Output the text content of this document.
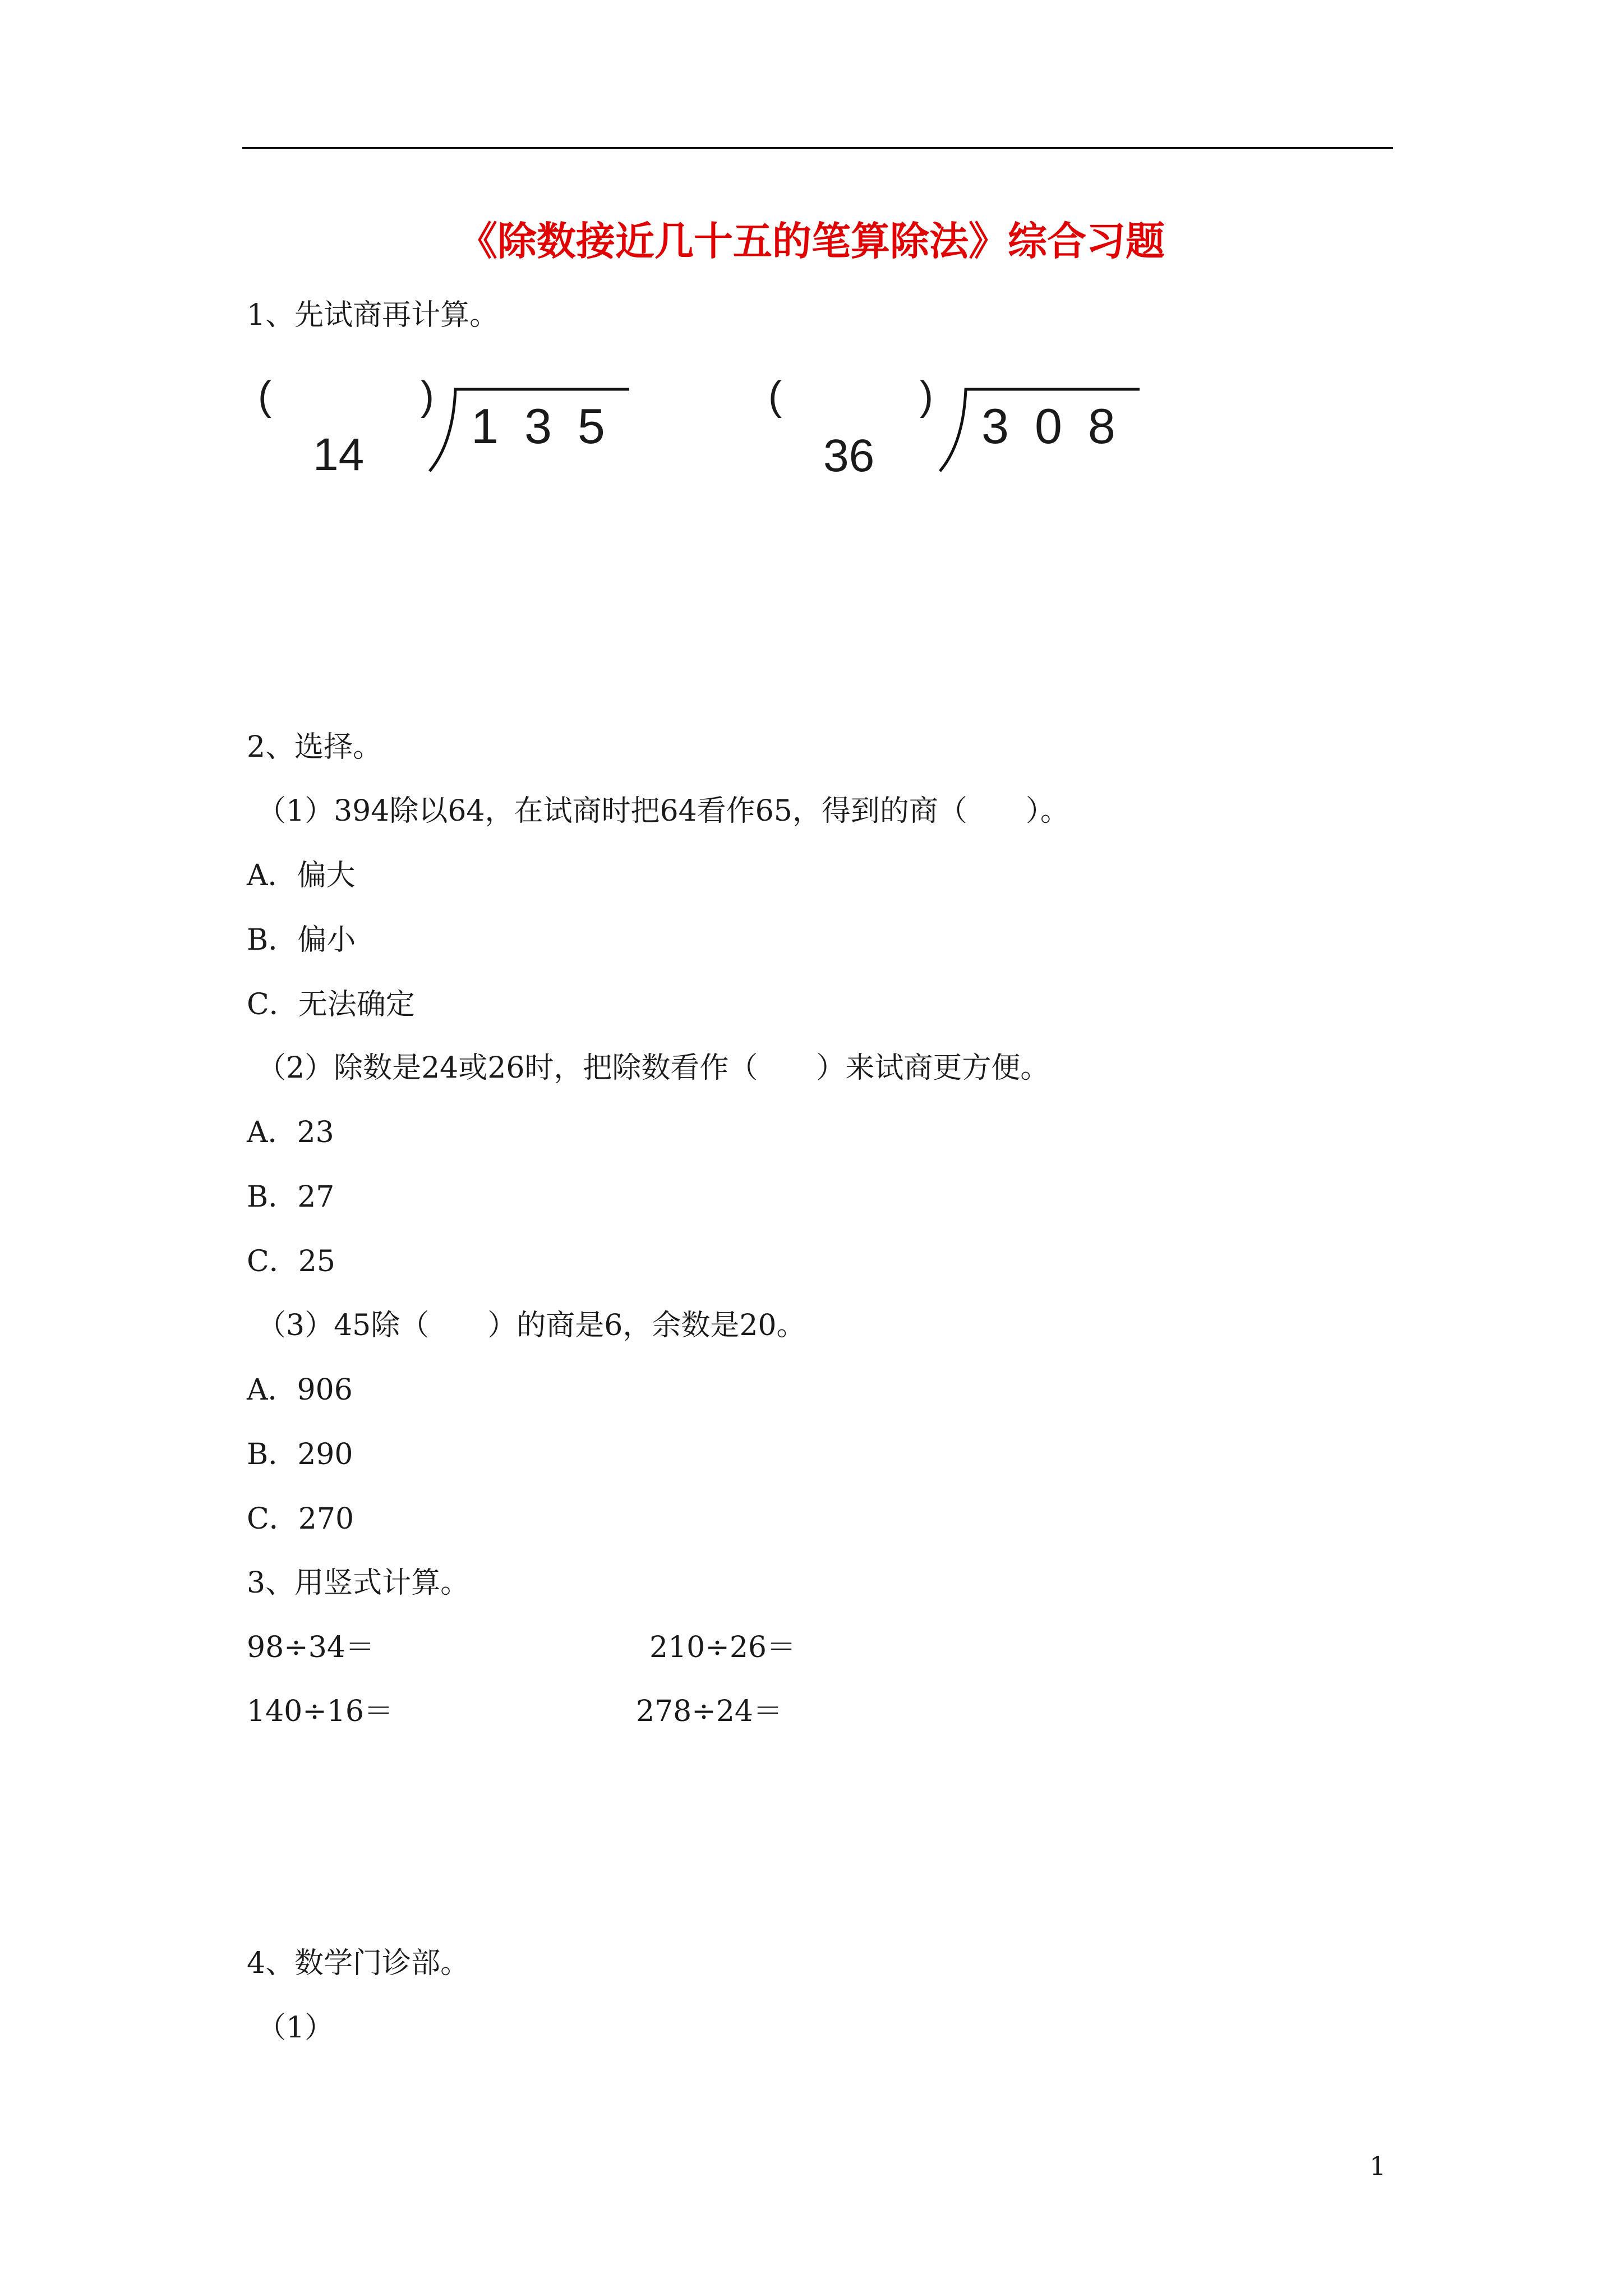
《除数接近几十五的笔算除法》综合习题
1、先试商再计算。
(	)
14
135
(	)
36
308
2、选择。
（1）394除以64，在试商时把64看作65，得到的商（　　）。
A．偏大
B．偏小
C．无法确定
（2）除数是24或26时，把除数看作（　　）来试商更方便。
A．23
B．27
C．25
（3）45除（　　）的商是6，余数是20。
A．906
B．290
C．270
3、用竖式计算。
98÷34＝	210÷26＝
140÷16＝	278÷24＝
4、数学门诊部。
（1）
1
